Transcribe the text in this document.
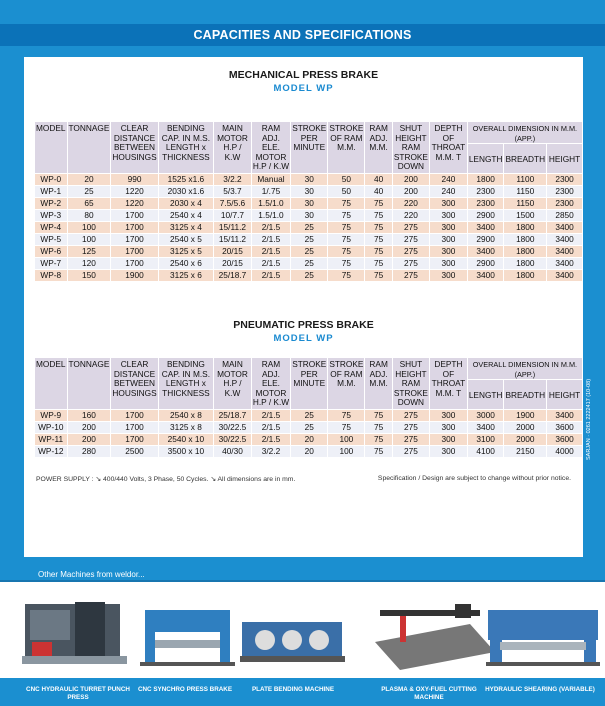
CAPACITIES AND SPECIFICATIONS
MECHANICAL PRESS BRAKE
MODEL WP
MODEL	TONNAGE	CLEAR DISTANCE BETWEEN HOUSINGS	BENDING CAP. IN M.S. LENGTH x THICKNESS	MAIN MOTOR H.P / K.W	RAM ADJ. ELE. MOTOR H.P / K.W	STROKE PER MINUTE	STROKE OF RAM M.M.	RAM ADJ. M.M.	SHUT HEIGHT RAM STROKE DOWN	DEPTH OF THROAT M.M. T	OVERALL DIMENSION IN M.M. (APP.)		
											LENGTH	BREADTH	HEIGHT
WP-0	20	990	1525 x1.6	3/2.2	Manual	30	50	40	200	240	1800	1100	2300
WP-1	25	1220	2030 x1.6	5/3.7	1/.75	30	50	40	200	240	2300	1150	2300
WP-2	65	1220	2030 x 4	7.5/5.6	1.5/1.0	30	75	75	220	300	2300	1150	2300
WP-3	80	1700	2540 x 4	10/7.7	1.5/1.0	30	75	75	220	300	2900	1500	2850
WP-4	100	1700	3125 x 4	15/11.2	2/1.5	25	75	75	275	300	3400	1800	3400
WP-5	100	1700	2540 x 5	15/11.2	2/1.5	25	75	75	275	300	2900	1800	3400
WP-6	125	1700	3125 x 5	20/15	2/1.5	25	75	75	275	300	3400	1800	3400
WP-7	120	1700	2540 x 6	20/15	2/1.5	25	75	75	275	300	2900	1800	3400
WP-8	150	1900	3125 x 6	25/18.7	2/1.5	25	75	75	275	300	3400	1800	3400
PNEUMATIC PRESS BRAKE
MODEL WP
MODEL	TONNAGE	CLEAR DISTANCE BETWEEN HOUSINGS	BENDING CAP. IN M.S. LENGTH x THICKNESS	MAIN MOTOR H.P / K.W	RAM ADJ. ELE. MOTOR H.P / K.W	STROKE PER MINUTE	STROKE OF RAM M.M.	RAM ADJ. M.M.	SHUT HEIGHT RAM STROKE DOWN	DEPTH OF THROAT M.M. T	OVERALL DIMENSION IN M.M. (APP.)		
											LENGTH	BREADTH	HEIGHT
WP-9	160	1700	2540 x 8	25/18.7	2/1.5	25	75	75	275	300	3000	1900	3400
WP-10	200	1700	3125 x 8	30/22.5	2/1.5	25	75	75	275	300	3400	2000	3600
WP-11	200	1700	2540 x 10	30/22.5	2/1.5	20	100	75	275	300	3100	2000	3600
WP-12	280	2500	3500 x 10	40/30	3/2.2	20	100	75	275	300	4100	2150	4000
POWER SUPPLY : ↘ 400/440 Volts, 3 Phase, 50 Cycles. ↘ All dimensions are in mm.	Specification / Design are subject to change without prior notice.
SARJAN · 0261 2222417 (10-08)
Other Machines from weldor...
CNC HYDRAULIC TURRET PUNCH PRESS
CNC SYNCHRO PRESS BRAKE	PLATE BENDING MACHINE	PLASMA & OXY-FUEL CUTTING MACHINE
HYDRAULIC SHEARING (VARIABLE)
